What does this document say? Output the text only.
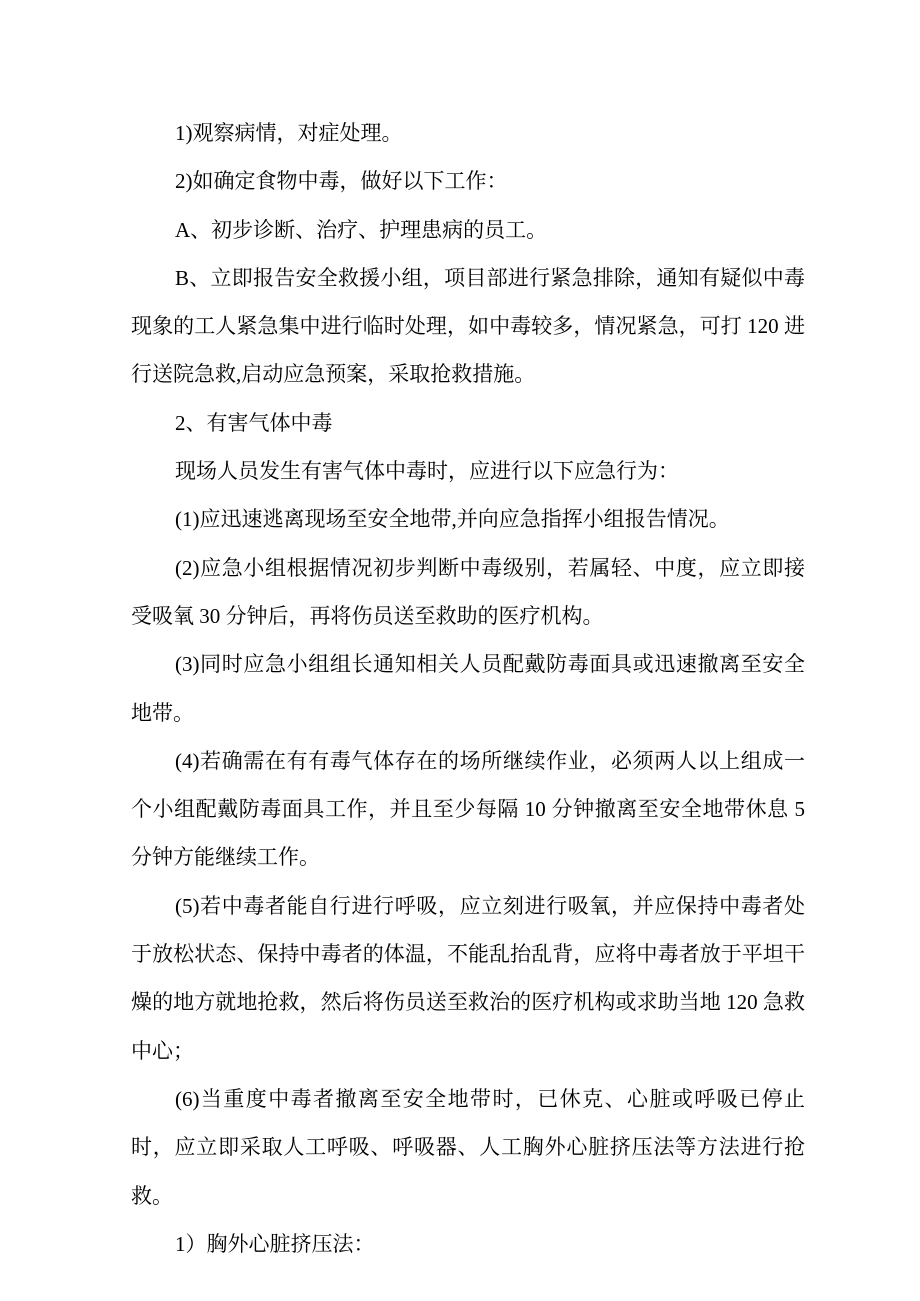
1)观察病情，对症处理。

2)如确定食物中毒，做好以下工作：

A、初步诊断、治疗、护理患病的员工。

B、立即报告安全救援小组，项目部进行紧急排除，通知有疑似中毒现象的工人紧急集中进行临时处理，如中毒较多，情况紧急，可打 120 进行送院急救,启动应急预案，采取抢救措施。

2、有害气体中毒

现场人员发生有害气体中毒时，应进行以下应急行为：

(1)应迅速逃离现场至安全地带,并向应急指挥小组报告情况。

(2)应急小组根据情况初步判断中毒级别，若属轻、中度，应立即接受吸氧 30 分钟后，再将伤员送至救助的医疗机构。

(3)同时应急小组组长通知相关人员配戴防毒面具或迅速撤离至安全地带。

(4)若确需在有有毒气体存在的场所继续作业，必须两人以上组成一个小组配戴防毒面具工作，并且至少每隔 10 分钟撤离至安全地带休息 5 分钟方能继续工作。

(5)若中毒者能自行进行呼吸，应立刻进行吸氧，并应保持中毒者处于放松状态、保持中毒者的体温，不能乱抬乱背，应将中毒者放于平坦干燥的地方就地抢救，然后将伤员送至救治的医疗机构或求助当地 120 急救中心；

(6)当重度中毒者撤离至安全地带时，已休克、心脏或呼吸已停止时，应立即采取人工呼吸、呼吸器、人工胸外心脏挤压法等方法进行抢救。

1）胸外心脏挤压法：
